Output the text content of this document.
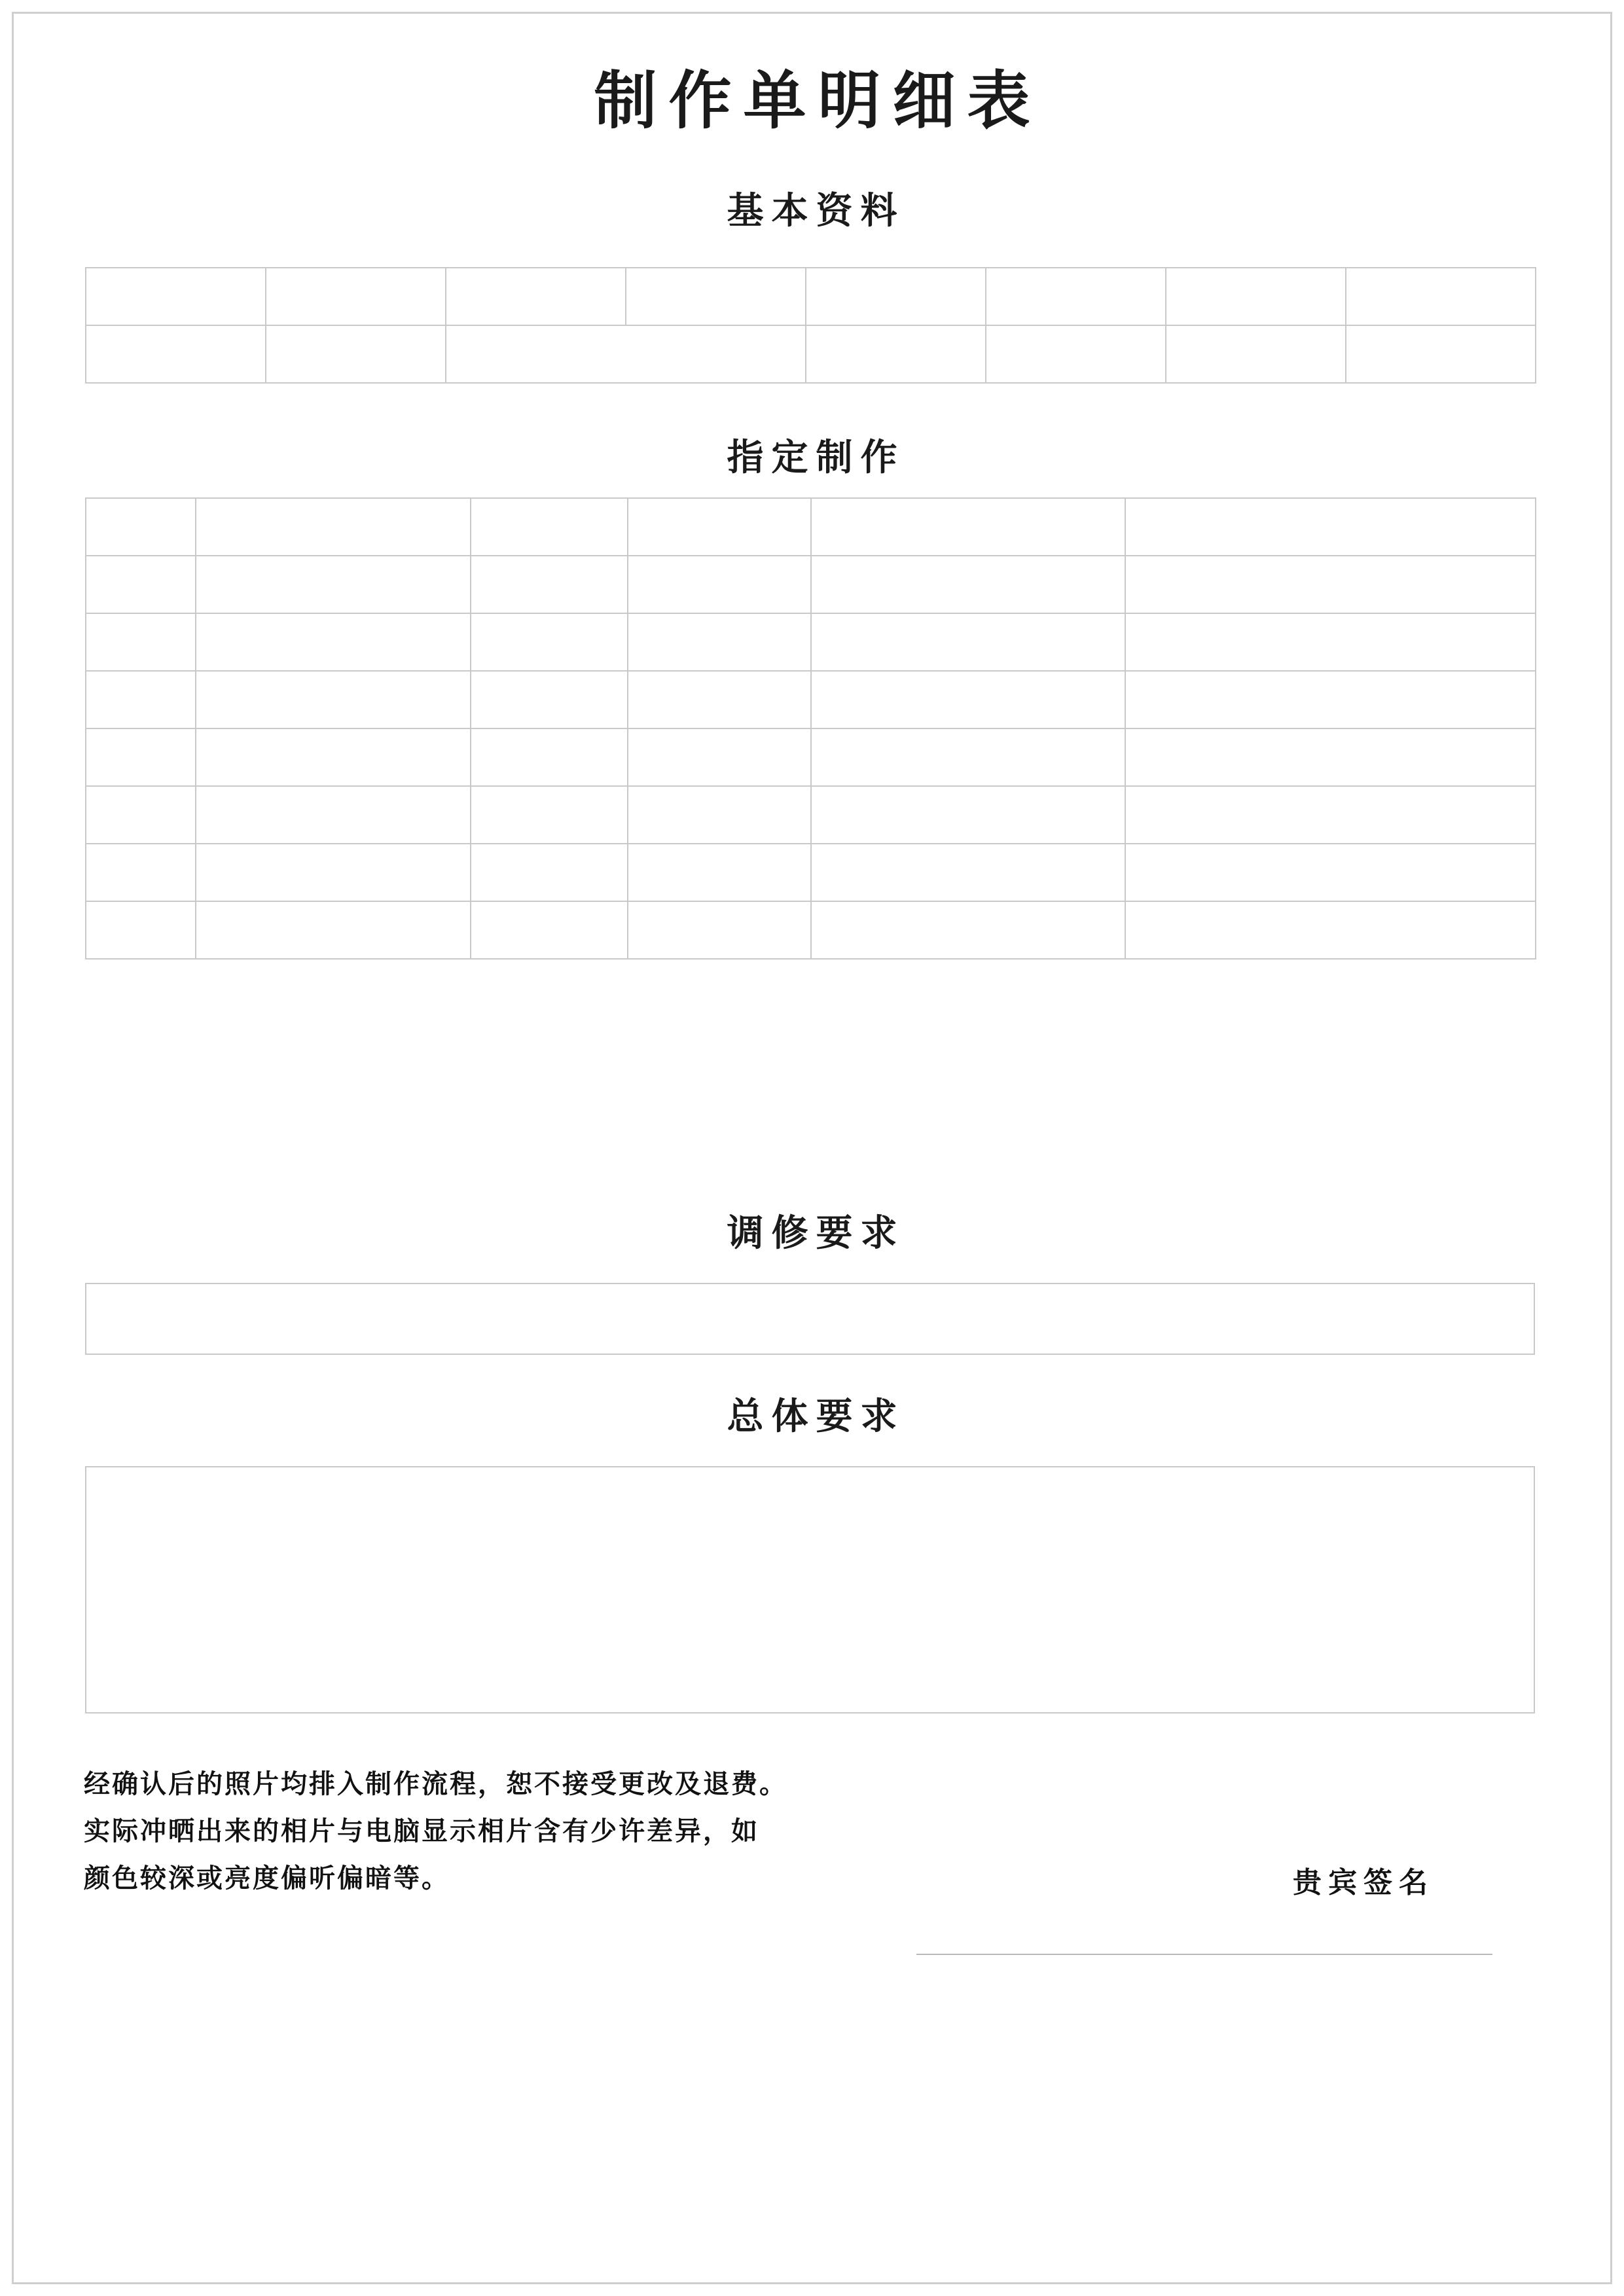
制作单明细表
基本资料

指定制作

调修要求
总体要求
经确认后的照片均排入制作流程，恕不接受更改及退费。
实际冲晒出来的相片与电脑显示相片含有少许差异，如
颜色较深或亮度偏听偏暗等。	贵宾签名
